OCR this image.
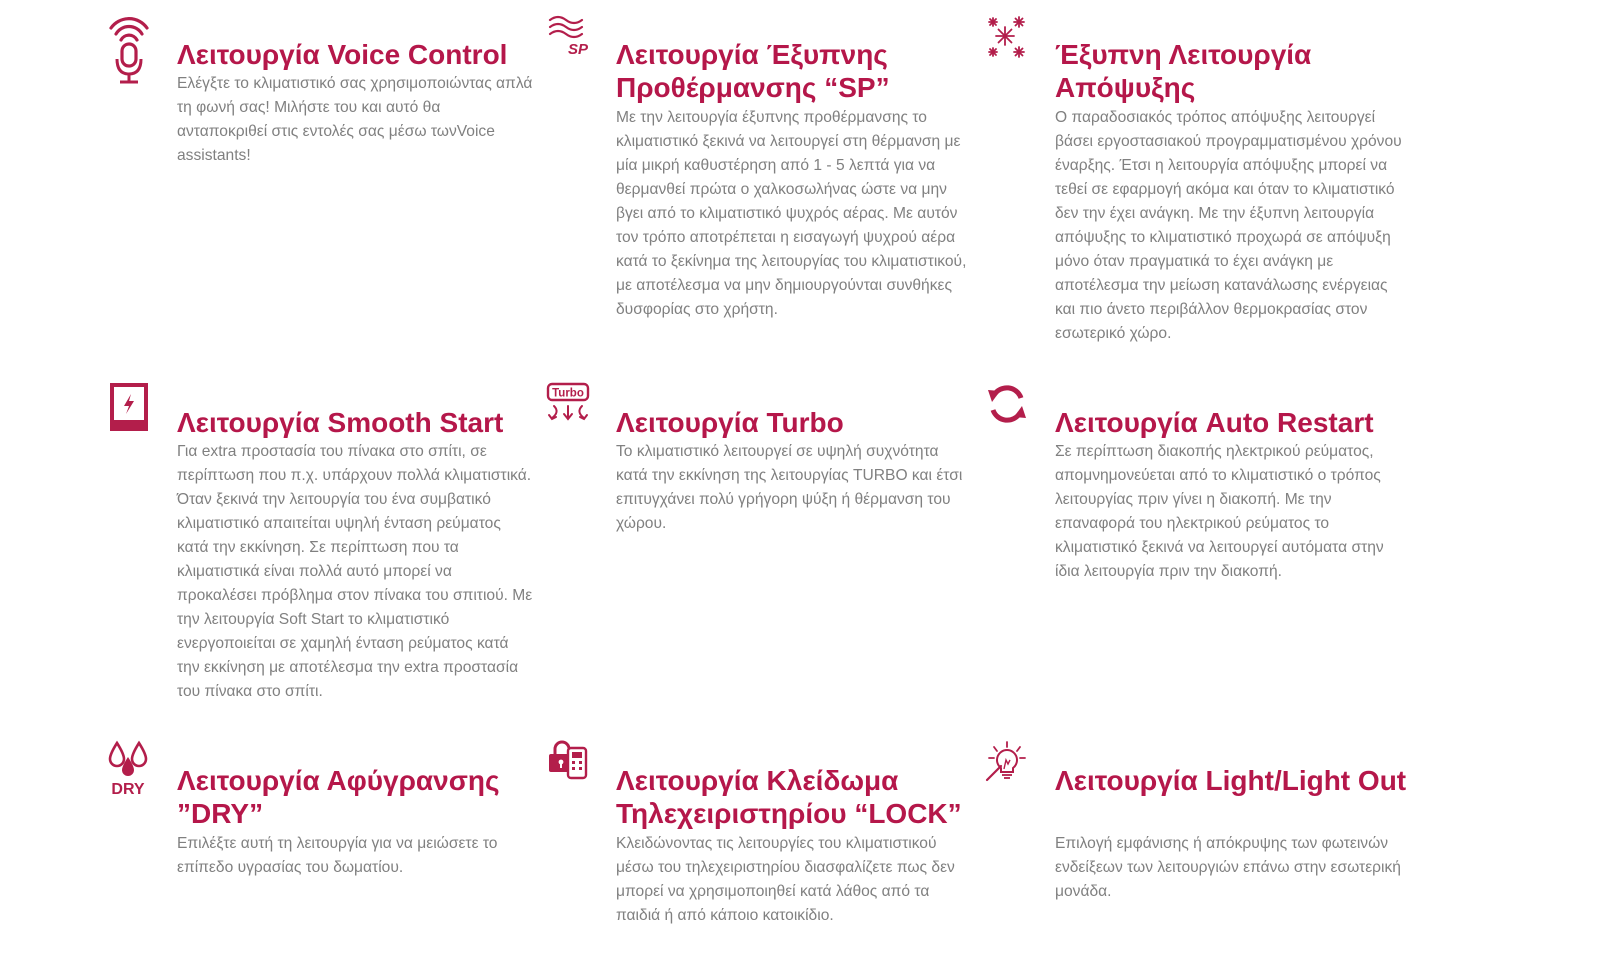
Λειτουργία Voice Control

Ελέγξτε το κλιματιστικό σας χρησιμοποιώντας απλά τη φωνή σας! Μιλήστε του και αυτό θα ανταποκριθεί στις εντολές σας μέσω τωνVoice assistants!

SP Λειτουργία Έξυπνης Προθέρμανσης “SP”

Με την λειτουργία έξυπνης προθέρμανσης το κλιματιστικό ξεκινά να λειτουργεί στη θέρμανση με μία μικρή καθυστέρηση από 1 - 5 λεπτά για να θερμανθεί πρώτα ο χαλκοσωλήνας ώστε να μην βγει από το κλιματιστικό ψυχρός αέρας. Με αυτόν τον τρόπο αποτρέπεται η εισαγωγή ψυχρού αέρα κατά το ξεκίνημα της λειτουργίας του κλιματιστικού, με αποτέλεσμα να μην δημιουργούνται συνθήκες δυσφορίας στο χρήστη.

Έξυπνη Λειτουργία Απόψυξης

Ο παραδοσιακός τρόπος απόψυξης λειτουργεί βάσει εργοστασιακού προγραμματισμένου χρόνου έναρξης. Έτσι η λειτουργία απόψυξης μπορεί να τεθεί σε εφαρμογή ακόμα και όταν το κλιματιστικό δεν την έχει ανάγκη. Με την έξυπνη λειτουργία απόψυξης το κλιματιστικό προχωρά σε απόψυξη μόνο όταν πραγματικά το έχει ανάγκη με αποτέλεσμα την μείωση κατανάλωσης ενέργειας και πιο άνετο περιβάλλον θερμοκρασίας στον εσωτερικό χώρο.

Λειτουργία Smooth Start

Για extra προστασία του πίνακα στο σπίτι, σε περίπτωση που π.χ. υπάρχουν πολλά κλιματιστικά. Όταν ξεκινά την λειτουργία του ένα συμβατικό κλιματιστικό απαιτείται υψηλή ένταση ρεύματος κατά την εκκίνηση. Σε περίπτωση που τα κλιματιστικά είναι πολλά αυτό μπορεί να προκαλέσει πρόβλημα στον πίνακα του σπιτιού. Με την λειτουργία Soft Start το κλιματιστικό ενεργοποιείται σε χαμηλή ένταση ρεύματος κατά την εκκίνηση με αποτέλεσμα την extra προστασία του πίνακα στο σπίτι.

Turbo
Λειτουργία Turbo

Το κλιματιστικό λειτουργεί σε υψηλή συχνότητα κατά την εκκίνηση της λειτουργίας TURBO και έτσι επιτυγχάνει πολύ γρήγορη ψύξη ή θέρμανση του χώρου.

Λειτουργία Auto Restart

Σε περίπτωση διακοπής ηλεκτρικού ρεύματος, απομνημονεύεται από το κλιματιστικό ο τρόπος λειτουργίας πριν γίνει η διακοπή. Με την επαναφορά του ηλεκτρικού ρεύματος το κλιματιστικό ξεκινά να λειτουργεί αυτόματα στην ίδια λειτουργία πριν την διακοπή.

DRY Λειτουργία Αφύγρανσης ”DRY”

Επιλέξτε αυτή τη λειτουργία για να μειώσετε το επίπεδο υγρασίας του δωματίου.

Λειτουργία Κλείδωμα Τηλεχειριστηρίου “LOCK”

Κλειδώνοντας τις λειτουργίες του κλιματιστικού μέσω του τηλεχειριστηρίου διασφαλίζετε πως δεν μπορεί να χρησιμοποιηθεί κατά λάθος από τα παιδιά ή από κάποιο κατοικίδιο.

Λειτουργία Light/Light Out

Επιλογή εμφάνισης ή απόκρυψης των φωτεινών ενδείξεων των λειτουργιών επάνω στην εσωτερική μονάδα.
